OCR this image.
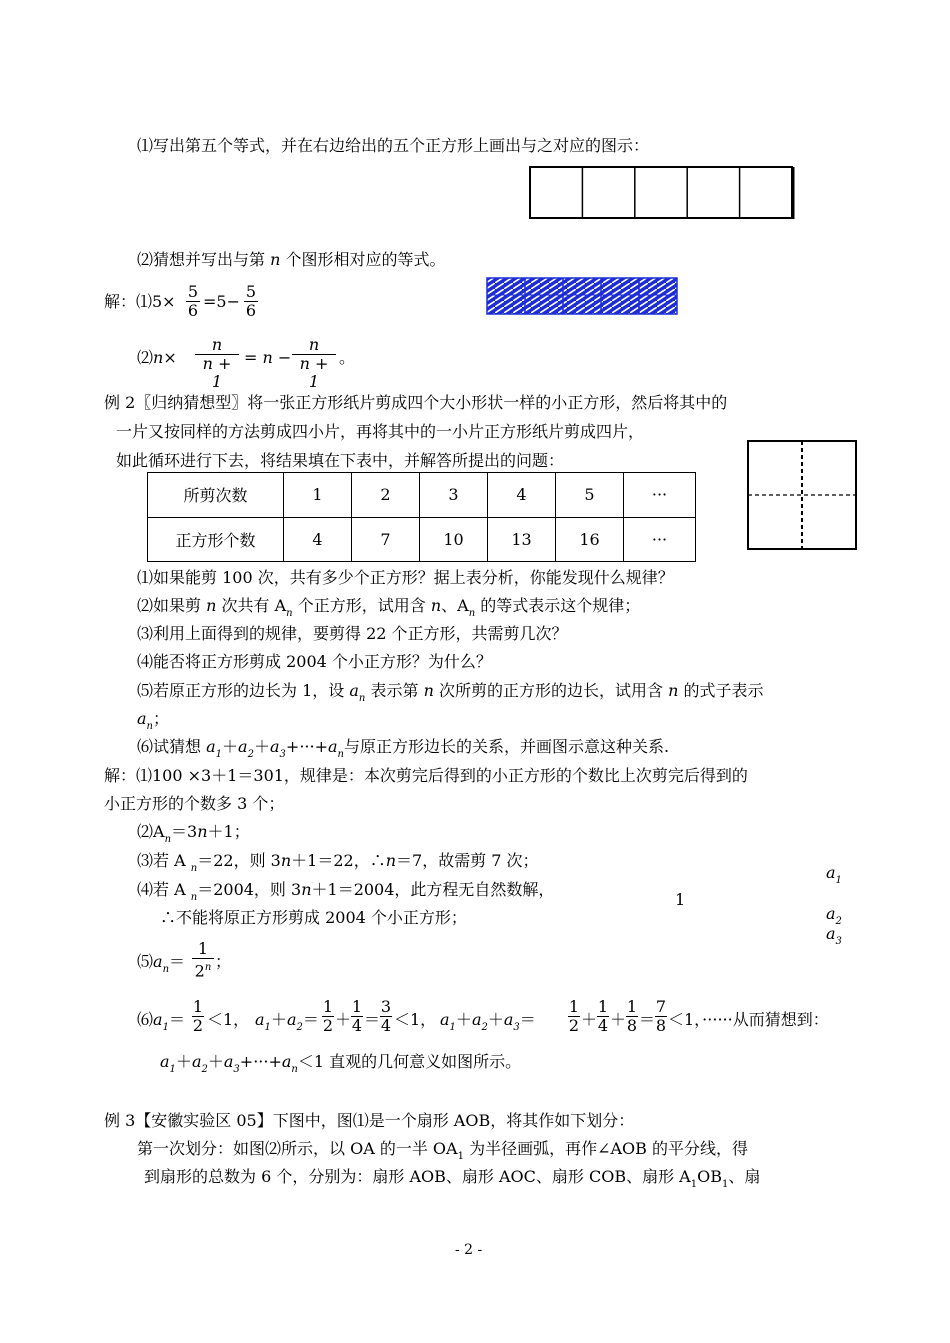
⑴写出第五个等式，并在右边给出的五个正方形上画出与之对应的图示：
⑵猜想并写出与第 n 个图形相对应的等式。
解：⑴5× $\frac{5}{6} =5- \frac{5}{6}$
⑵n× $\frac{n}{n + 1} = n - \frac{n}{n + 1}$ 。
例 2〖归纳猜想型〗将一张正方形纸片剪成四个大小形状一样的小正方形，然后将其中的
一片又按同样的方法剪成四小片，再将其中的一小片正方形纸片剪成四片，
如此循环进行下去，将结果填在下表中，并解答所提出的问题：
所剪次数	1	2	3	4	5	···
正方形个数	4	7	10	13	16	···
⑴如果能剪 100 次，共有多少个正方形？据上表分析，你能发现什么规律？
⑵如果剪 n 次共有 $A_n$ 个正方形，试用含 n、$A_n$ 的等式表示这个规律；
⑶利用上面得到的规律，要剪得 22 个正方形，共需剪几次？
⑷能否将正方形剪成 2004 个小正方形？为什么？
⑸若原正方形的边长为 1，设 $a_n$ 表示第 n 次所剪的正方形的边长，试用含 n 的式子表示
$a_n$；
⑹试猜想 $a_1+a_2+a_3+\cdot\cdot\cdot+a_n$与原正方形边长的关系，并画图示意这种关系.
解：⑴100 ×3＋1＝301，规律是：本次剪完后得到的小正方形的个数比上次剪完后得到的
小正方形的个数多 3 个；
$⑵A_n=3n+1$；
⑶若 A $_n$＝22，则 3n＋1＝22，∴n＝7，故需剪 7 次；
⑷若 A $_n$＝2004，则 3n＋1＝2004，此方程无自然数解，
∴不能将原正方形剪成 2004 个小正方形；
1
$a_1$
$a_2$
$a_3$
$⑸a_n= \frac{1}{2^n}$ ；
$⑹a_1= \frac{1}{2} <1$， $a_1+a_2= \frac{1}{2} + \frac{1}{4} = \frac{3}{4} <1$， $a_1+a_2+a_3= \frac{1}{2} + \frac{1}{4} + \frac{1}{8} = \frac{7}{8} <1$，······从而猜想到：
$a_1+a_2+a_3+\cdot\cdot\cdot+a_n<1$ 直观的几何意义如图所示。
例 3【安徽实验区 05】下图中，图⑴是一个扇形 AOB，将其作如下划分：
第一次划分：如图⑵所示，以 OA 的一半 $OA_1$ 为半径画弧，再作∠AOB 的平分线，得
到扇形的总数为 6 个，分别为：扇形 AOB、扇形 AOC、扇形 COB、扇形 $A_1OB_1$、扇
- 2 -
